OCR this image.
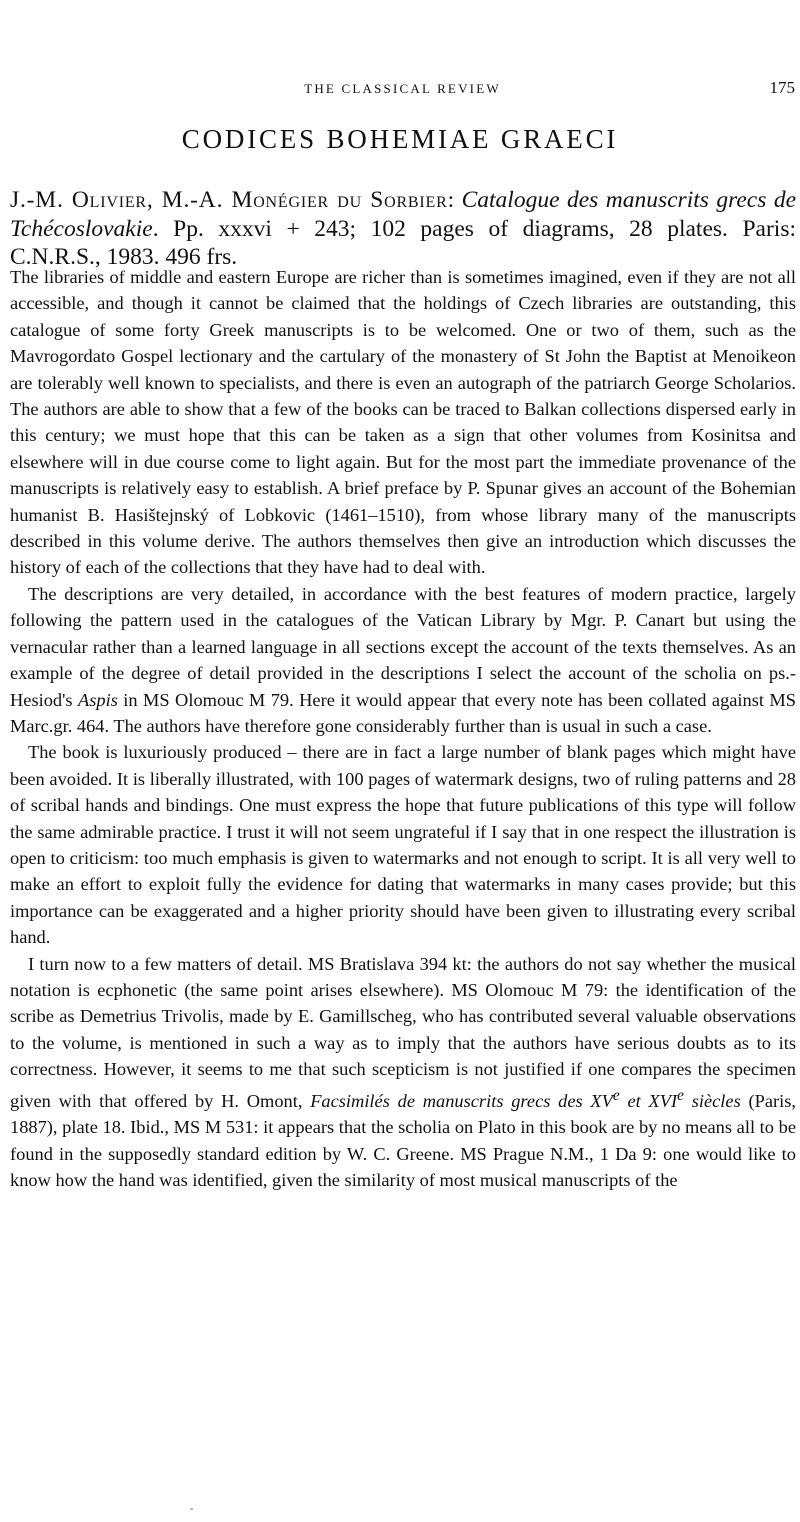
THE CLASSICAL REVIEW	175
CODICES BOHEMIAE GRAECI
J.-M. Olivier, M.-A. Monégier du Sorbier: Catalogue des manuscrits grecs de Tchécoslovakie. Pp. xxxvi + 243; 102 pages of diagrams, 28 plates. Paris: C.N.R.S., 1983. 496 frs.

The libraries of middle and eastern Europe are richer than is sometimes imagined, even if they are not all accessible, and though it cannot be claimed that the holdings of Czech libraries are outstanding, this catalogue of some forty Greek manuscripts is to be welcomed. One or two of them, such as the Mavrogordato Gospel lectionary and the cartulary of the monastery of St John the Baptist at Menoikeon are tolerably well known to specialists, and there is even an autograph of the patriarch George Scholarios. The authors are able to show that a few of the books can be traced to Balkan collections dispersed early in this century; we must hope that this can be taken as a sign that other volumes from Kosinitsa and elsewhere will in due course come to light again. But for the most part the immediate provenance of the manuscripts is relatively easy to establish. A brief preface by P. Spunar gives an account of the Bohemian humanist B. Hasištejnský of Lobkovic (1461–1510), from whose library many of the manuscripts described in this volume derive. The authors themselves then give an introduction which discusses the history of each of the collections that they have had to deal with.

The descriptions are very detailed, in accordance with the best features of modern practice, largely following the pattern used in the catalogues of the Vatican Library by Mgr. P. Canart but using the vernacular rather than a learned language in all sections except the account of the texts themselves. As an example of the degree of detail provided in the descriptions I select the account of the scholia on ps.-Hesiod's Aspis in MS Olomouc M 79. Here it would appear that every note has been collated against MS Marc.gr. 464. The authors have therefore gone considerably further than is usual in such a case.

The book is luxuriously produced – there are in fact a large number of blank pages which might have been avoided. It is liberally illustrated, with 100 pages of watermark designs, two of ruling patterns and 28 of scribal hands and bindings. One must express the hope that future publications of this type will follow the same admirable practice. I trust it will not seem ungrateful if I say that in one respect the illustration is open to criticism: too much emphasis is given to watermarks and not enough to script. It is all very well to make an effort to exploit fully the evidence for dating that watermarks in many cases provide; but this importance can be exaggerated and a higher priority should have been given to illustrating every scribal hand.

I turn now to a few matters of detail. MS Bratislava 394 kt: the authors do not say whether the musical notation is ecphonetic (the same point arises elsewhere). MS Olomouc M 79: the identification of the scribe as Demetrius Trivolis, made by E. Gamillscheg, who has contributed several valuable observations to the volume, is mentioned in such a way as to imply that the authors have serious doubts as to its correctness. However, it seems to me that such scepticism is not justified if one compares the specimen given with that offered by H. Omont, Facsimilés de manuscrits grecs des XVe et XVIe siècles (Paris, 1887), plate 18. Ibid., MS M 531: it appears that the scholia on Plato in this book are by no means all to be found in the supposedly standard edition by W. C. Greene. MS Prague N.M., 1 Da 9: one would like to know how the hand was identified, given the similarity of most musical manuscripts of the
